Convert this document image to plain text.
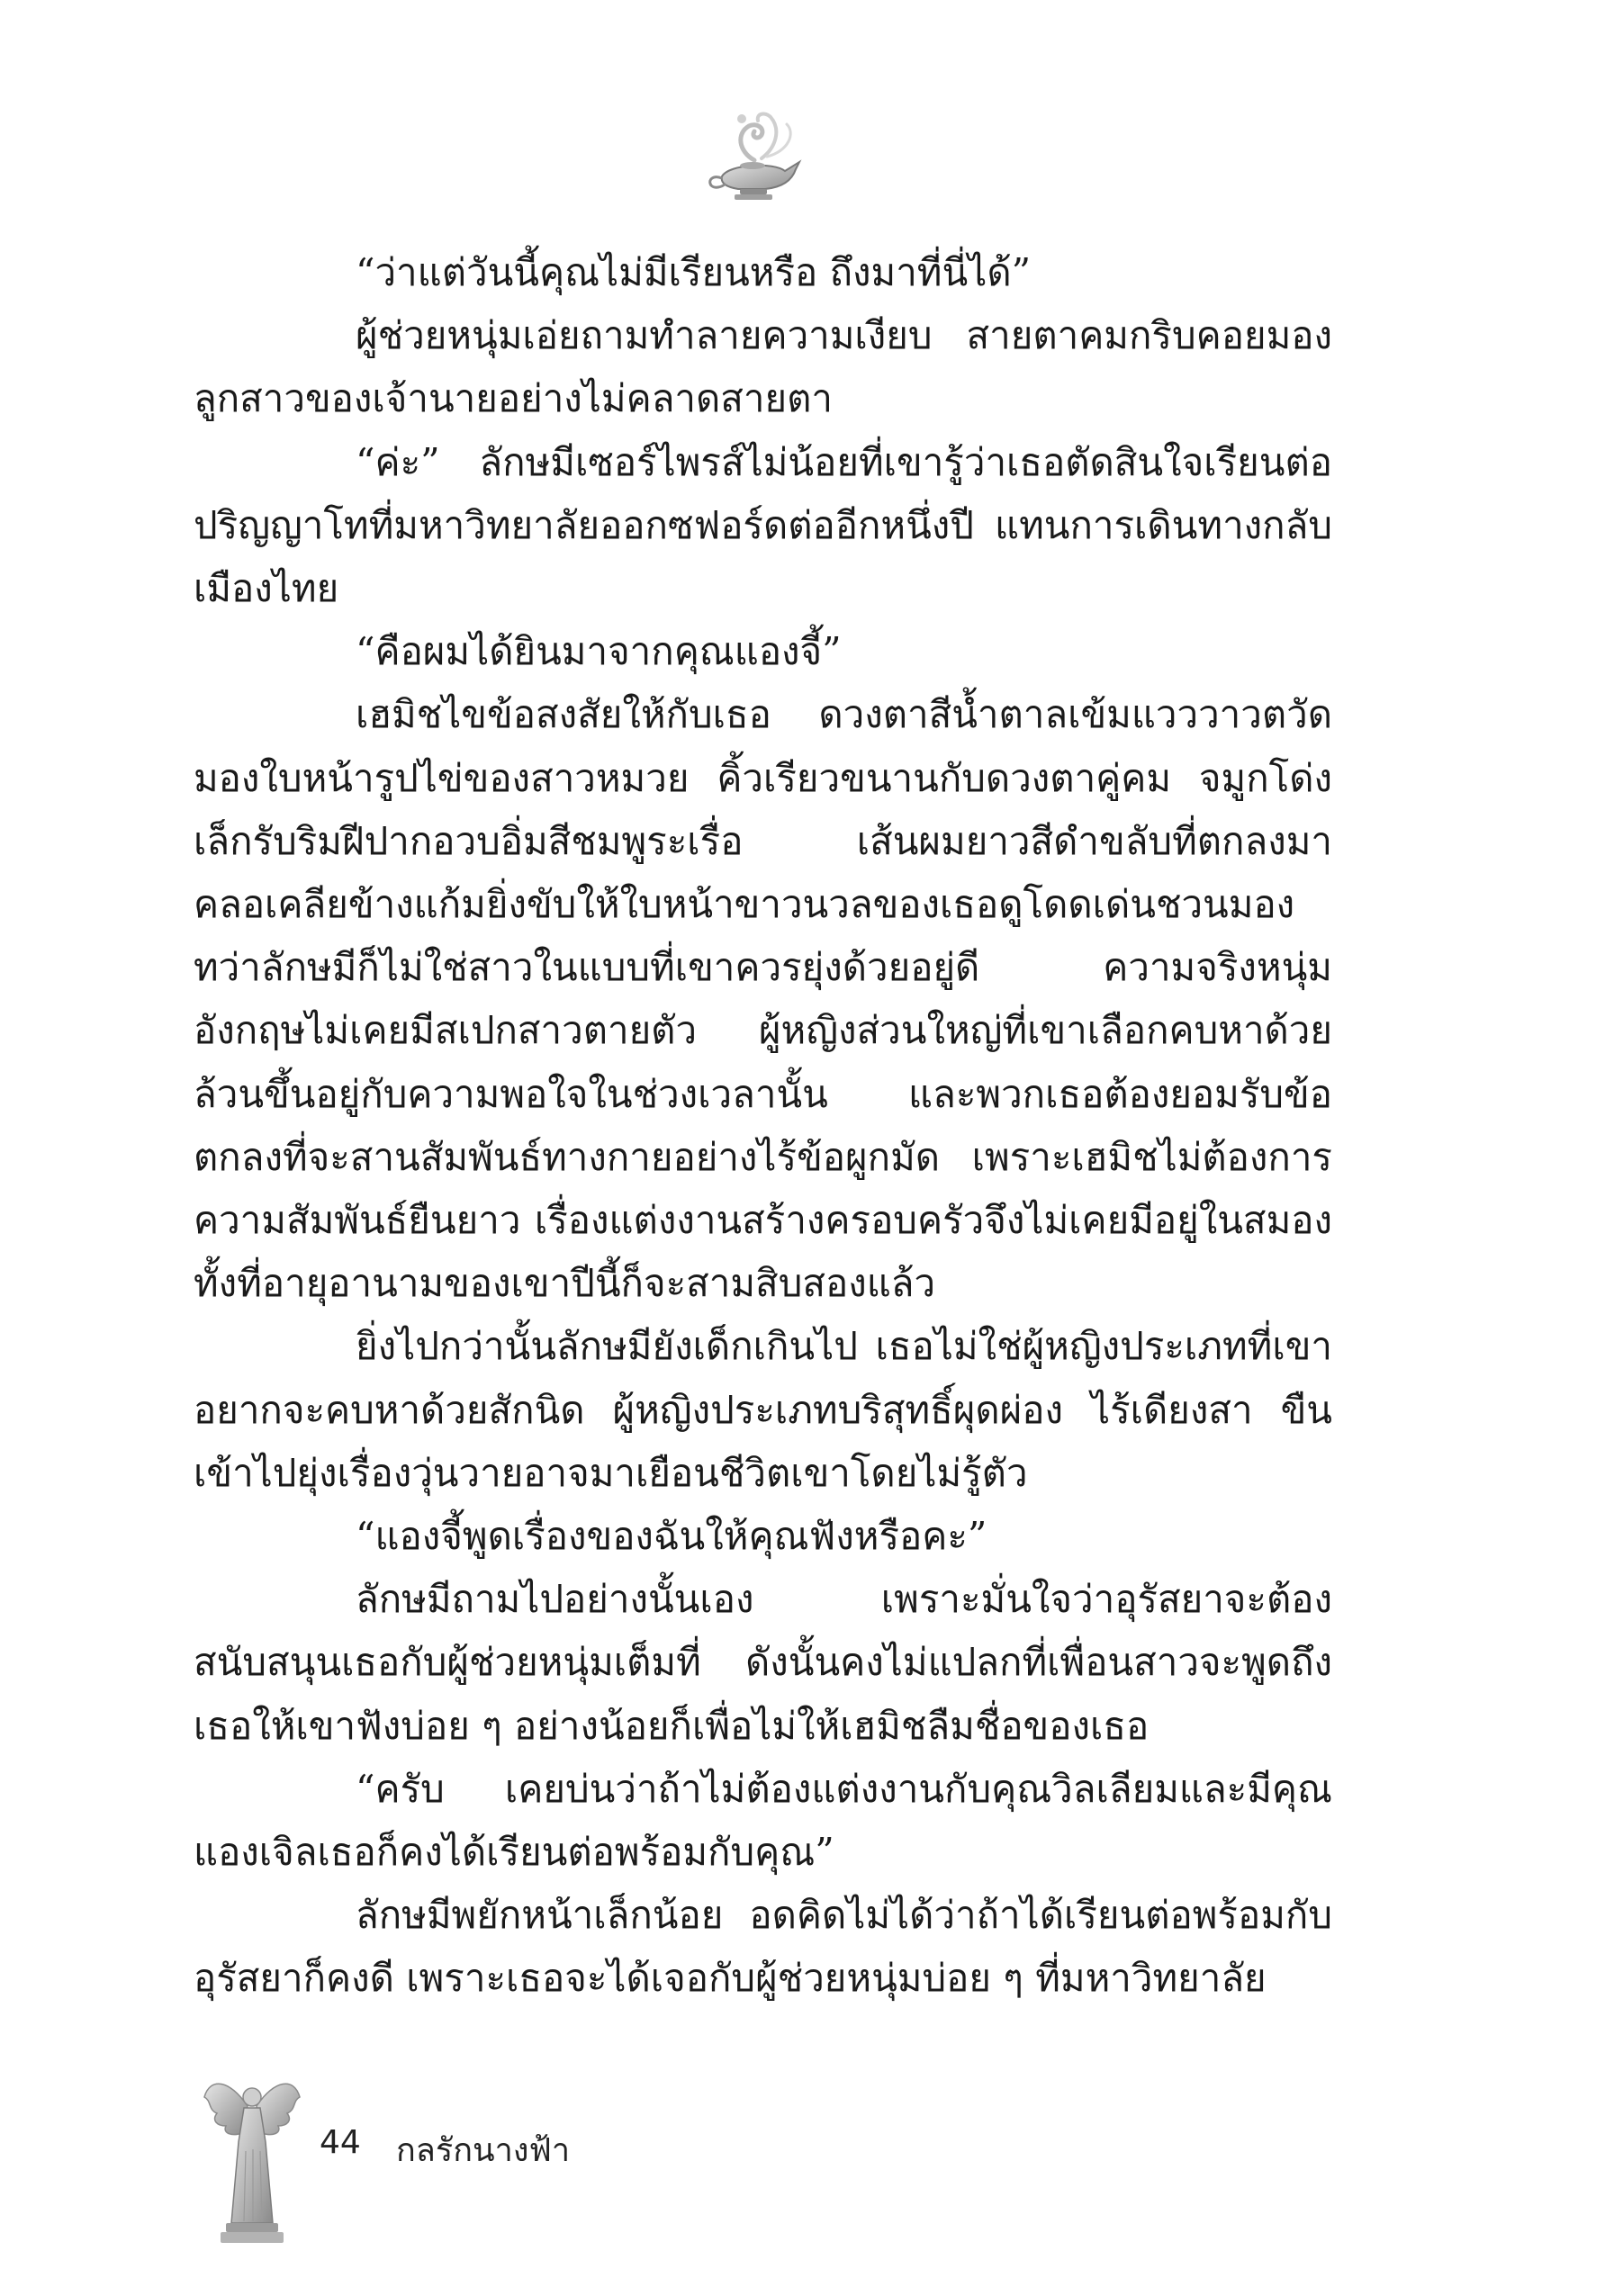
“ว่าแต่วันนี้คุณไม่มีเรียนหรือ ถึงมาที่นี่ได้”

ผู้ช่วยหนุ่มเอ่ยถามทำลายความเงียบ สายตาคมกริบคอยมองลูกสาวของเจ้านายอย่างไม่คลาดสายตา

“ค่ะ” ลักษมีเซอร์ไพรส์ไม่น้อยที่เขารู้ว่าเธอตัดสินใจเรียนต่อปริญญาโทที่มหาวิทยาลัยออกซฟอร์ดต่ออีกหนึ่งปี แทนการเดินทางกลับเมืองไทย

“คือผมได้ยินมาจากคุณแองจี้”

เฮมิชไขข้อสงสัยให้กับเธอ ดวงตาสีน้ำตาลเข้มแวววาวตวัดมองใบหน้ารูปไข่ของสาวหมวย คิ้วเรียวขนานกับดวงตาคู่คม จมูกโด่งเล็กรับริมฝีปากอวบอิ่มสีชมพูระเรื่อ เส้นผมยาวสีดำขลับที่ตกลงมาคลอเคลียข้างแก้มยิ่งขับให้ใบหน้าขาวนวลของเธอดูโดดเด่นชวนมอง ทว่าลักษมีก็ไม่ใช่สาวในแบบที่เขาควรยุ่งด้วยอยู่ดี ความจริงหนุ่มอังกฤษไม่เคยมีสเปกสาวตายตัว ผู้หญิงส่วนใหญ่ที่เขาเลือกคบหาด้วยล้วนขึ้นอยู่กับความพอใจในช่วงเวลานั้น และพวกเธอต้องยอมรับข้อตกลงที่จะสานสัมพันธ์ทางกายอย่างไร้ข้อผูกมัด เพราะเฮมิชไม่ต้องการความสัมพันธ์ยืนยาว เรื่องแต่งงานสร้างครอบครัวจึงไม่เคยมีอยู่ในสมอง ทั้งที่อายุอานามของเขาปีนี้ก็จะสามสิบสองแล้ว

ยิ่งไปกว่านั้นลักษมียังเด็กเกินไป เธอไม่ใช่ผู้หญิงประเภทที่เขาอยากจะคบหาด้วยสักนิด ผู้หญิงประเภทบริสุทธิ์ผุดผ่อง ไร้เดียงสา ขืนเข้าไปยุ่งเรื่องวุ่นวายอาจมาเยือนชีวิตเขาโดยไม่รู้ตัว

“แองจี้พูดเรื่องของฉันให้คุณฟังหรือคะ”

ลักษมีถามไปอย่างนั้นเอง เพราะมั่นใจว่าอุรัสยาจะต้องสนับสนุนเธอกับผู้ช่วยหนุ่มเต็มที่ ดังนั้นคงไม่แปลกที่เพื่อนสาวจะพูดถึงเธอให้เขาฟังบ่อย ๆ อย่างน้อยก็เพื่อไม่ให้เฮมิชลืมชื่อของเธอ

“ครับ เคยบ่นว่าถ้าไม่ต้องแต่งงานกับคุณวิลเลียมและมีคุณแองเจิลเธอก็คงได้เรียนต่อพร้อมกับคุณ”

ลักษมีพยักหน้าเล็กน้อย อดคิดไม่ได้ว่าถ้าได้เรียนต่อพร้อมกับอุรัสยาก็คงดี เพราะเธอจะได้เจอกับผู้ช่วยหนุ่มบ่อย ๆ ที่มหาวิทยาลัย

44 กลรักนางฟ้า
